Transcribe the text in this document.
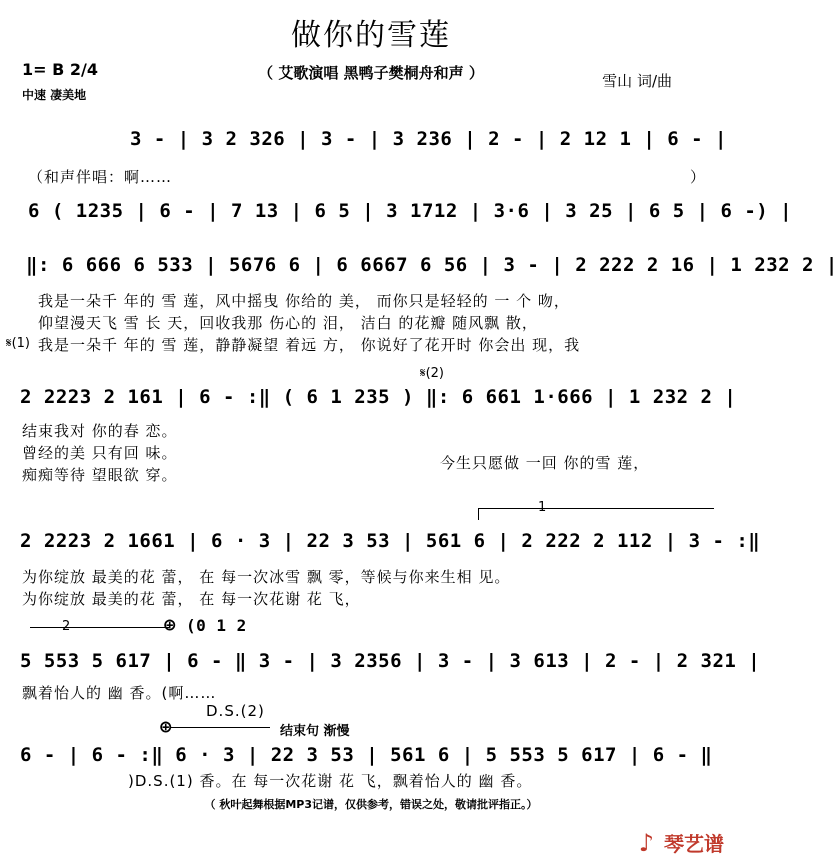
做你的雪莲
1= B 2/4	（ 艾歌演唱 黑鸭子樊桐舟和声 ）	雪山 词/曲
中速 凄美地
3 - | 3 2 326 | 3 - | 3 236 | 2 - | 2 12 1 | 6 - |
（和声伴唱：啊……	）
6 ( 1235 | 6 - | 7 13 | 6 5 | 3 1712 | 3·6 | 3 25 | 6 5 | 6 -) |
‖: 6 666 6 533 | 5676 6 | 6 6667 6 56 | 3 - | 2 222 2 16 | 1 232 2 |
我是一朵千 年的 雪 莲，风中摇曳 你给的 美， 而你只是轻轻的 一 个 吻，
仰望漫天飞 雪 长 天，回收我那 伤心的 泪， 洁白 的花瓣 随风飘 散，
𝄋(1) 我是一朵千 年的 雪 莲，静静凝望 着远 方， 你说好了花开时 你会出 现，我
𝄋(2)
2 2223 2 161 | 6 - :‖ ( 6 1 235 ) ‖: 6 661 1·666 | 1 232 2 |
结束我对 你的春 恋。
曾经的美 只有回 味。
痴痴等待 望眼欲 穿。
今生只愿做 一回 你的雪 莲，
1
2 2223 2 1661 | 6 · 3 | 22 3 53 | 561 6 | 2 222 2 112 | 3 - :‖
为你绽放 最美的花 蕾， 在 每一次冰雪 飘 零，等候与你来生相 见。
为你绽放 最美的花 蕾， 在 每一次花谢 花 飞，
2	⊕ (0 1 2
5 553 5 617 | 6 - ‖ 3 - | 3 2356 | 3 - | 3 613 | 2 - | 2 321 |
飘着怡人的 幽 香。(啊……
D.S.(2)
⊕	结束句 渐慢
6 - | 6 - :‖ 6 · 3 | 22 3 53 | 561 6 | 5 553 5 617 | 6 - ‖
)D.S.(1) 香。在 每一次花谢 花 飞，飘着怡人的 幽 香。
（ 秋叶起舞根据MP3记谱，仅供参考，错误之处，敬请批评指正。）
♪ 琴艺谱
